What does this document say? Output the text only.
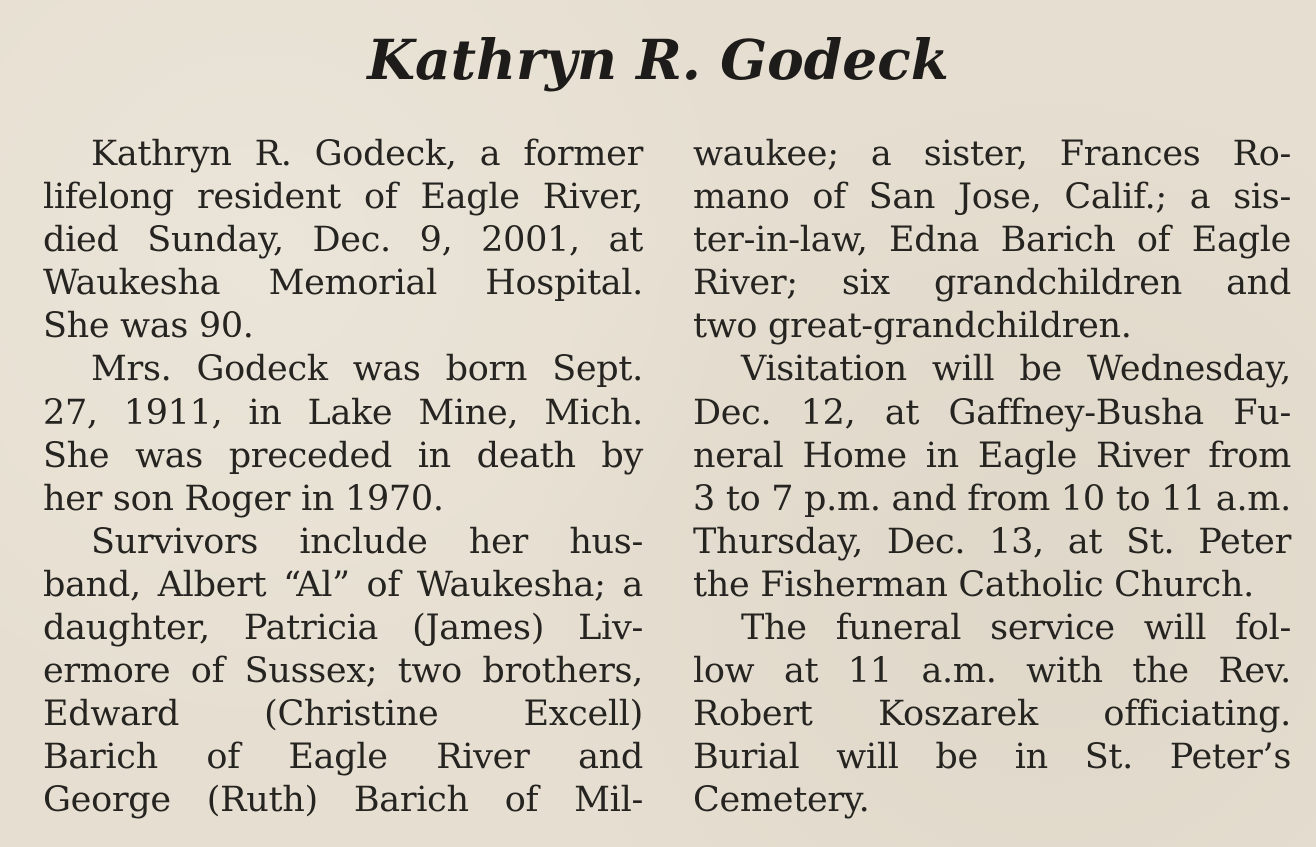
Kathryn R. Godeck

Kathryn R. Godeck, a former

lifelong resident of Eagle River,

died Sunday, Dec. 9, 2001, at

Waukesha Memorial Hospital.

She was 90.

Mrs. Godeck was born Sept.

27, 1911, in Lake Mine, Mich.

She was preceded in death by

her son Roger in 1970.

Survivors include her hus-

band, Albert “Al” of Waukesha; a

daughter, Patricia (James) Liv-

ermore of Sussex; two brothers,

Edward (Christine Excell)

Barich of Eagle River and

George (Ruth) Barich of Mil-

waukee; a sister, Frances Ro-

mano of San Jose, Calif.; a sis-

ter-in-law, Edna Barich of Eagle

River; six grandchildren and

two great-grandchildren.

Visitation will be Wednesday,

Dec. 12, at Gaffney-Busha Fu-

neral Home in Eagle River from

3 to 7 p.m. and from 10 to 11 a.m.

Thursday, Dec. 13, at St. Peter

the Fisherman Catholic Church.

The funeral service will fol-

low at 11 a.m. with the Rev.

Robert Koszarek officiating.

Burial will be in St. Peter’s

Cemetery.
